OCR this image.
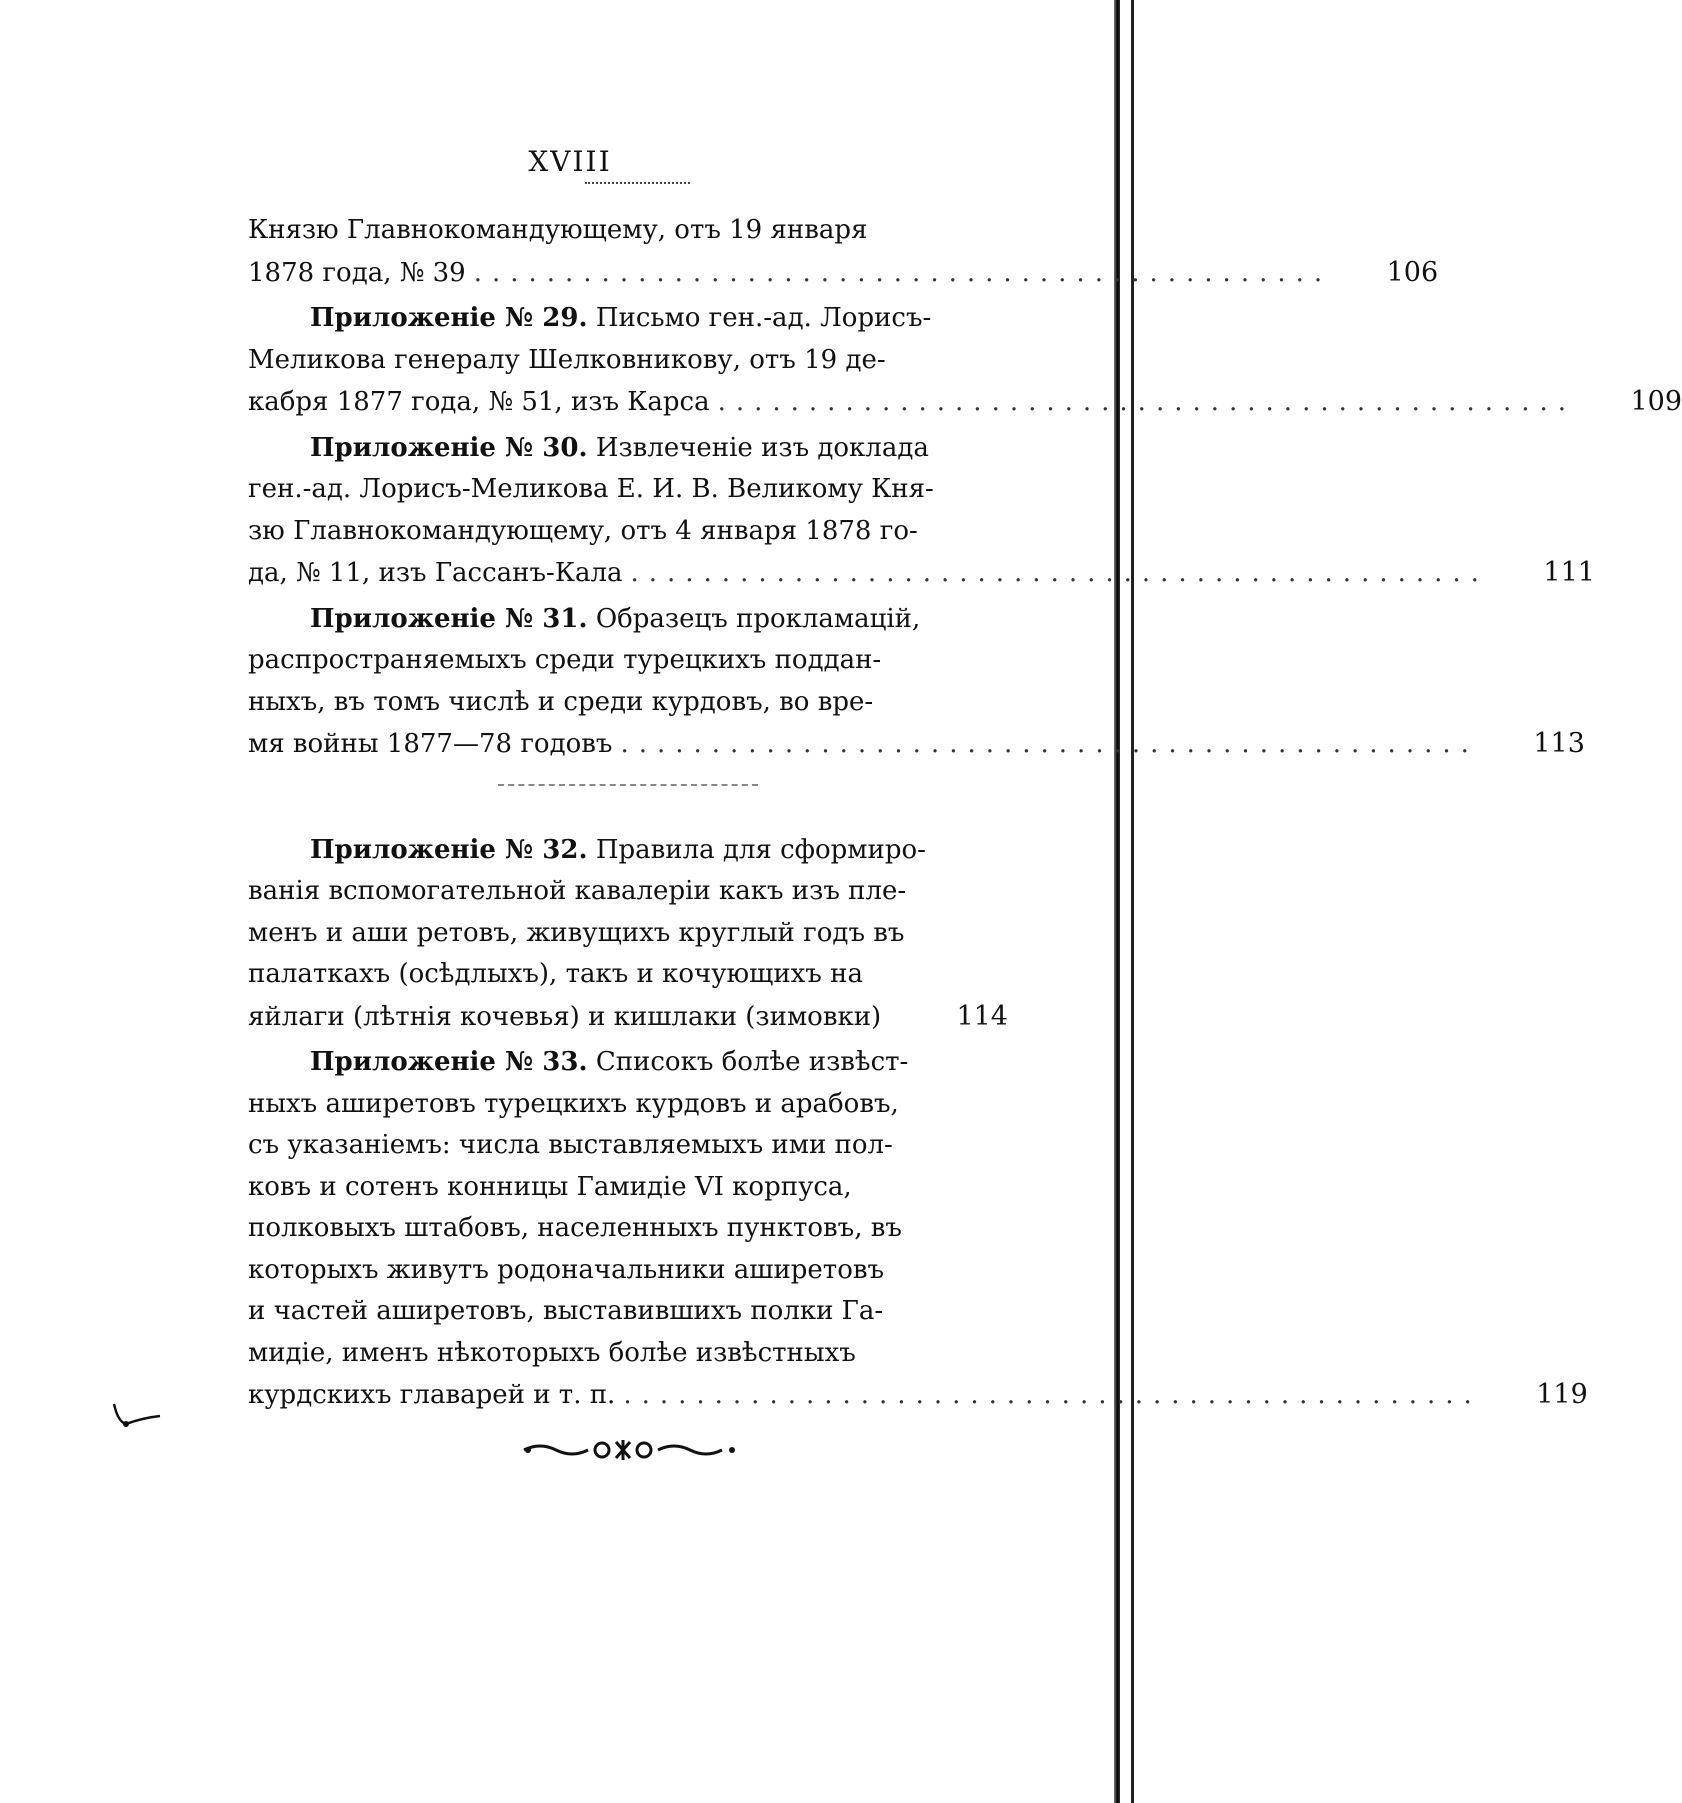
XVIII
Князю Главнокомандующему, отъ 19 января
1878 года, № 39 ...............................................	106
Приложеніе № 29. Письмо ген.-ад. Лорисъ-
Меликова генералу Шелковникову, отъ 19 де-
кабря 1877 года, № 51, изъ Карса ...............................................	109
Приложеніе № 30. Извлеченіе изъ доклада
ген.-ад. Лорисъ-Меликова Е. И. В. Великому Кня-
зю Главнокомандующему, отъ 4 января 1878 го-
да, № 11, изъ Гассанъ-Кала ...............................................	111
Приложеніе № 31. Образецъ прокламацій,
распространяемыхъ среди турецкихъ поддан-
ныхъ, въ томъ числѣ и среди курдовъ, во вре-
мя войны 1877—78 годовъ ...............................................	113
Приложеніе № 32. Правила для сформиро-
ванія вспомогательной кавалеріи какъ изъ пле-
менъ и аши ретовъ, живущихъ круглый годъ въ
палаткахъ (осѣдлыхъ), такъ и кочующихъ на
яйлаги (лѣтнія кочевья) и кишлаки (зимовки)	114
Приложеніе № 33. Списокъ болѣе извѣст-
ныхъ ашиpетовъ турецкихъ курдовъ и арабовъ,
съ указаніемъ: числа выставляемыхъ ими пол-
ковъ и сотенъ конницы Гамидіе VI корпуса,
полковыхъ штабовъ, населенныхъ пунктовъ, въ
которыхъ живутъ родоначальники аширетовъ
и частей аширетовъ, выставившихъ полки Га-
мидіе, именъ нѣкоторыхъ болѣе извѣстныхъ
курдскихъ главарей и т. п. ...............................................	119
